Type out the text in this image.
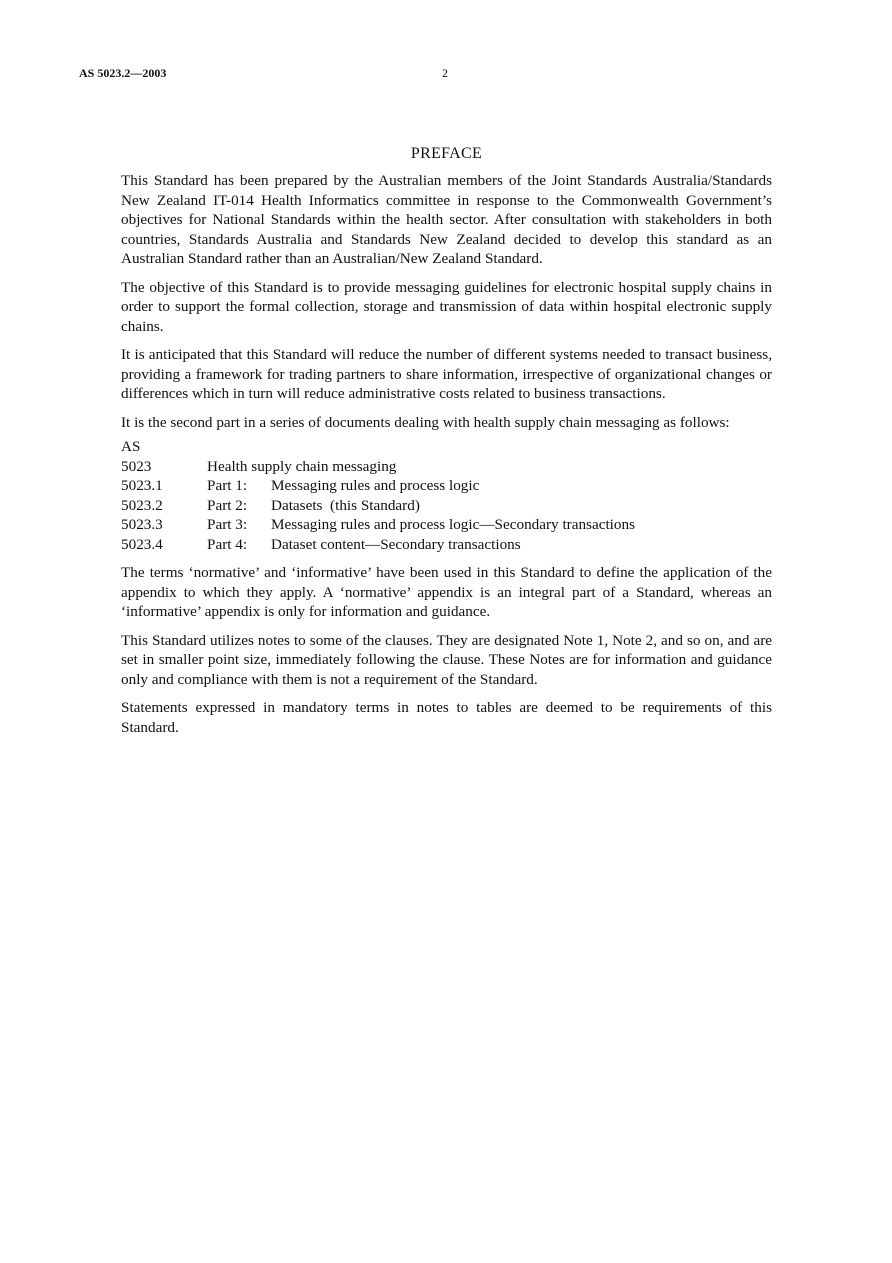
AS 5023.2—2003	2
PREFACE

This Standard has been prepared by the Australian members of the Joint Standards Australia/Standards New Zealand IT-014 Health Informatics committee in response to the Commonwealth Government’s objectives for National Standards within the health sector. After consultation with stakeholders in both countries, Standards Australia and Standards New Zealand decided to develop this standard as an Australian Standard rather than an Australian/New Zealand Standard.

The objective of this Standard is to provide messaging guidelines for electronic hospital supply chains in order to support the formal collection, storage and transmission of data within hospital electronic supply chains.

It is anticipated that this Standard will reduce the number of different systems needed to transact business, providing a framework for trading partners to share information, irrespective of organizational changes or differences which in turn will reduce administrative costs related to business transactions.

It is the second part in a series of documents dealing with health supply chain messaging as follows:

AS
5023	Health supply chain messaging
5023.1	Part 1:	Messaging rules and process logic
5023.2	Part 2:	Datasets  (this Standard)
5023.3	Part 3:	Messaging rules and process logic—Secondary transactions
5023.4	Part 4:	Dataset content—Secondary transactions

The terms ‘normative’ and ‘informative’ have been used in this Standard to define the application of the appendix to which they apply. A ‘normative’ appendix is an integral part of a Standard, whereas an ‘informative’ appendix is only for information and guidance.

This Standard utilizes notes to some of the clauses. They are designated Note 1, Note 2, and so on, and are set in smaller point size, immediately following the clause. These Notes are for information and guidance only and compliance with them is not a requirement of the Standard.

Statements expressed in mandatory terms in notes to tables are deemed to be requirements of this Standard.
